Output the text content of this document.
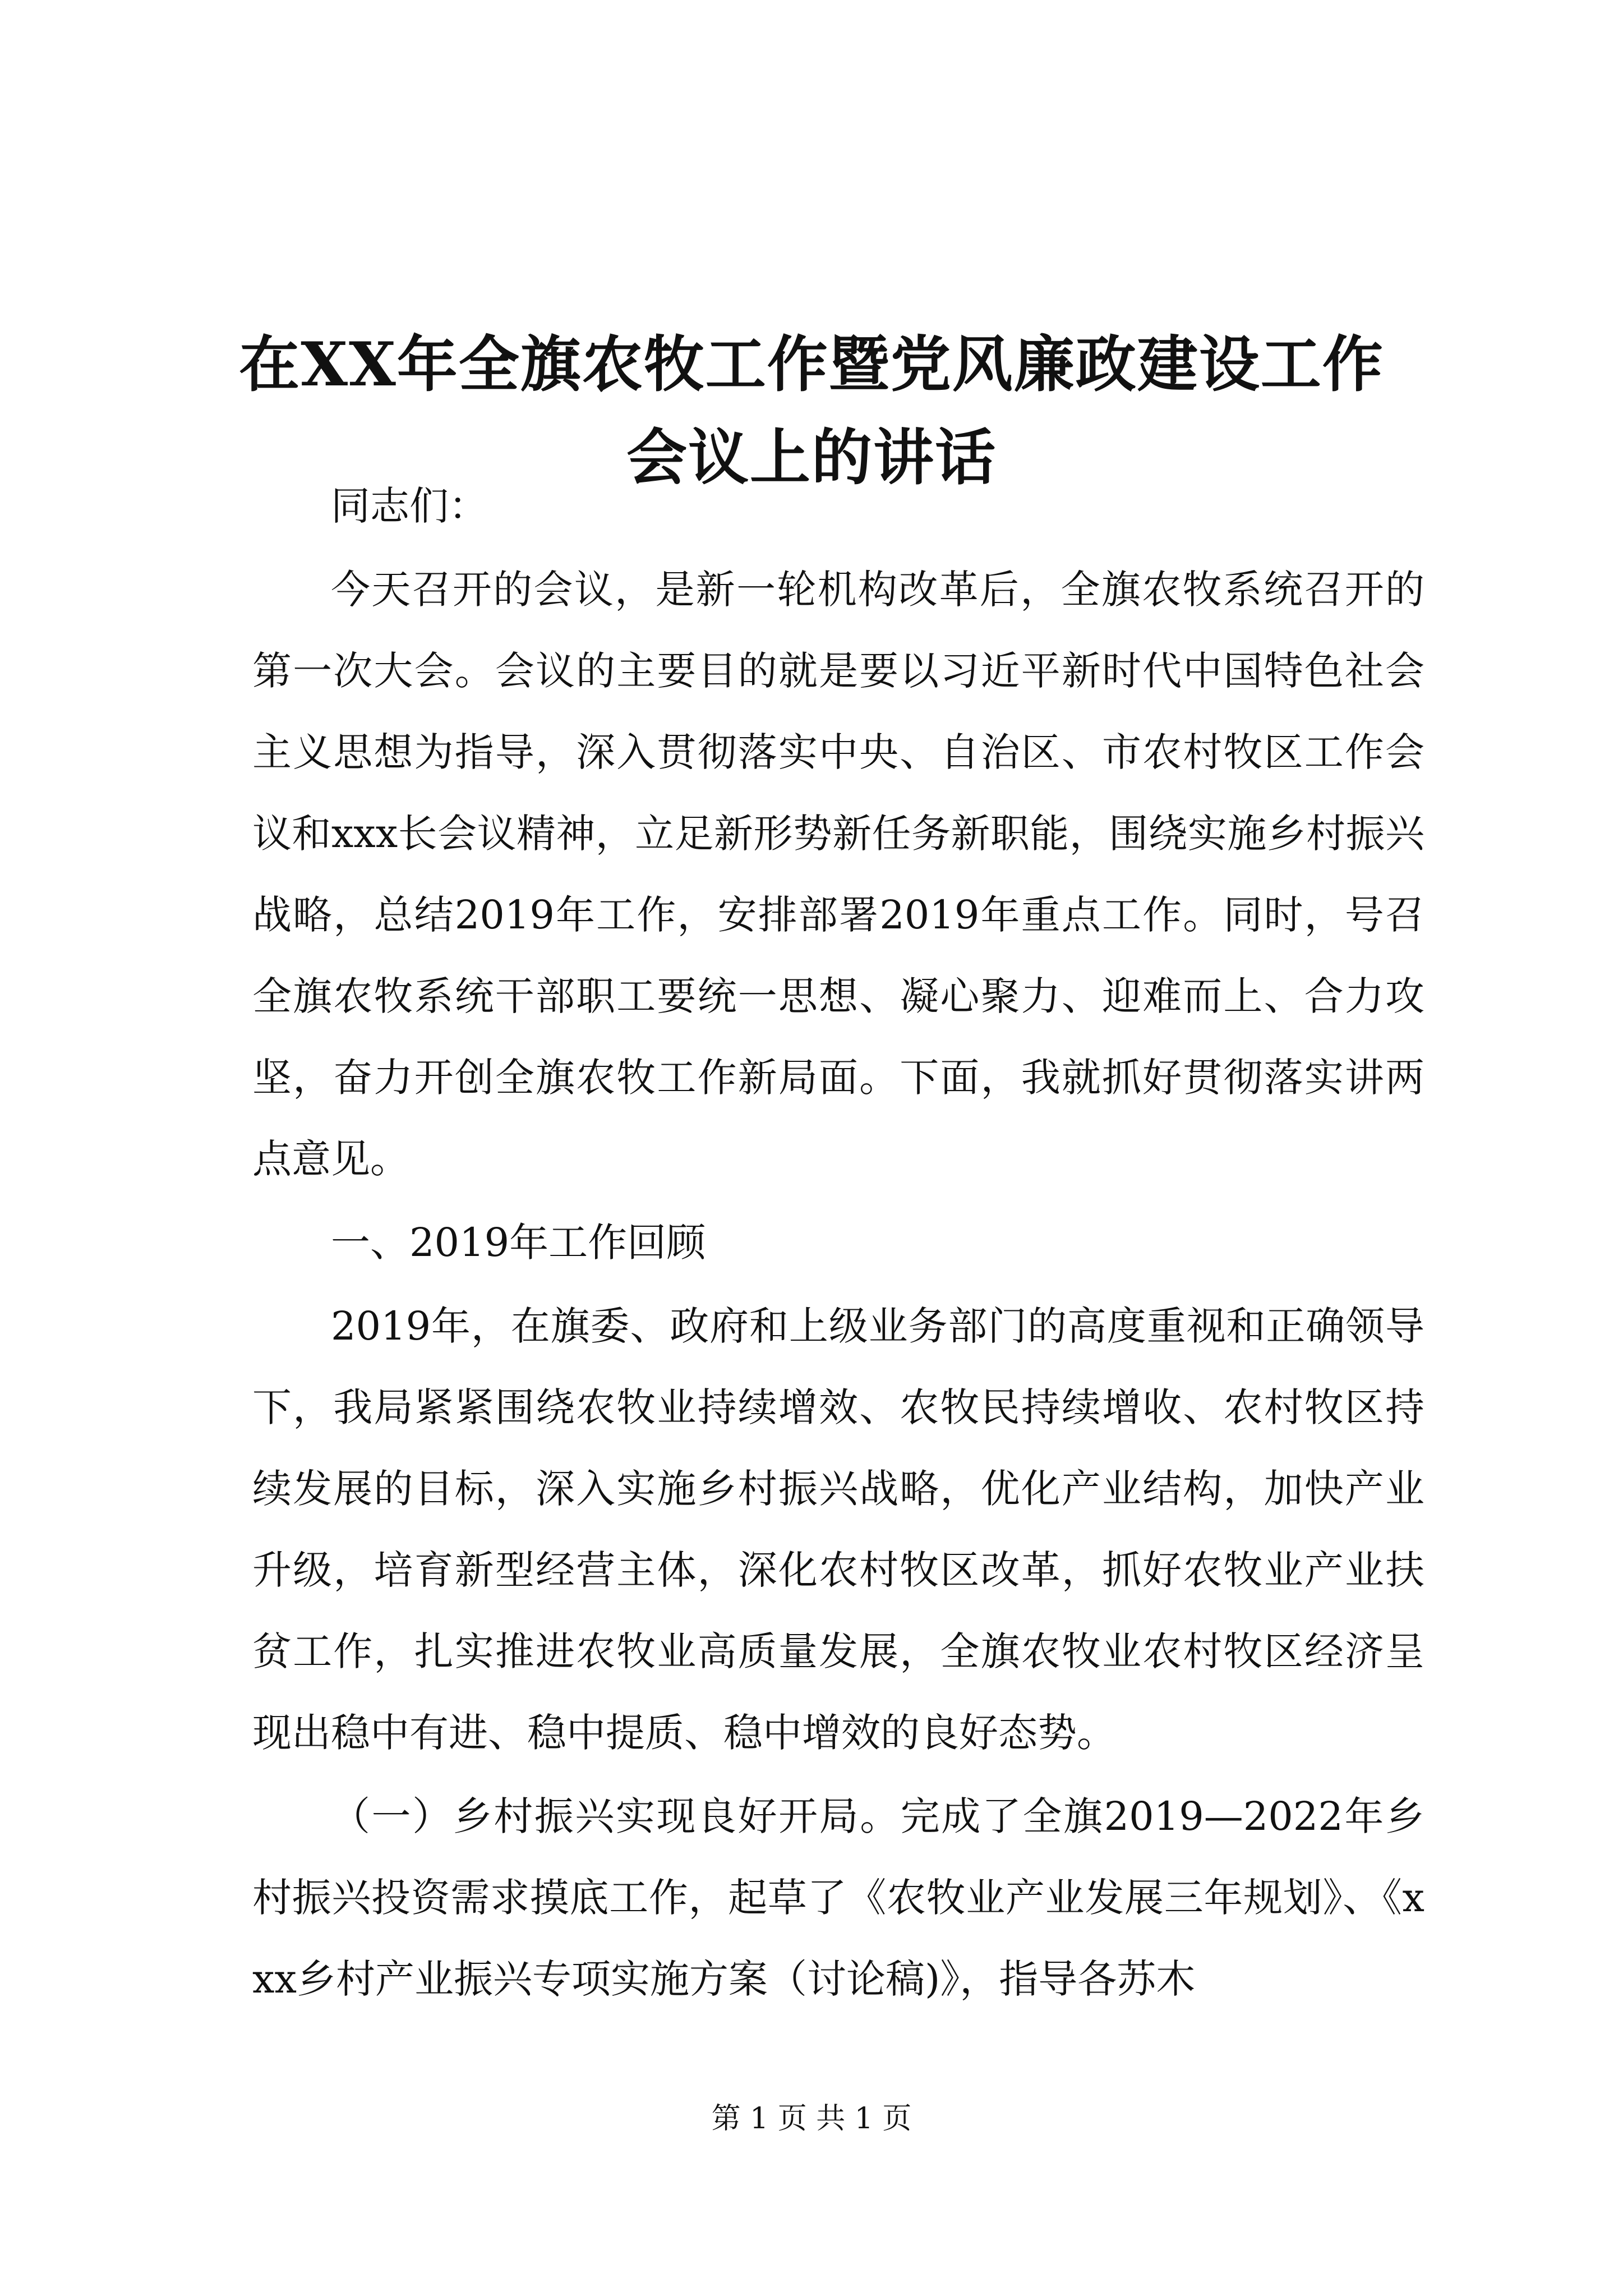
在XX年全旗农牧工作暨党风廉政建设工作会议上的讲话

同志们：

今天召开的会议，是新一轮机构改革后，全旗农牧系统召开的第一次大会。会议的主要目的就是要以习近平新时代中国特色社会主义思想为指导，深入贯彻落实中央、自治区、市农村牧区工作会议和xxx长会议精神，立足新形势新任务新职能，围绕实施乡村振兴战略，总结2019年工作，安排部署2019年重点工作。同时，号召全旗农牧系统干部职工要统一思想、凝心聚力、迎难而上、合力攻坚，奋力开创全旗农牧工作新局面。下面，我就抓好贯彻落实讲两点意见。

一、2019年工作回顾

2019年，在旗委、政府和上级业务部门的高度重视和正确领导下，我局紧紧围绕农牧业持续增效、农牧民持续增收、农村牧区持续发展的目标，深入实施乡村振兴战略，优化产业结构，加快产业升级，培育新型经营主体，深化农村牧区改革，抓好农牧业产业扶贫工作，扎实推进农牧业高质量发展，全旗农牧业农村牧区经济呈现出稳中有进、稳中提质、稳中增效的良好态势。

（一）乡村振兴实现良好开局。完成了全旗2019—2022年乡村振兴投资需求摸底工作，起草了《农牧业产业发展三年规划》、《xxx乡村产业振兴专项实施方案（讨论稿)》，指导各苏木

第 1 页 共 1 页
